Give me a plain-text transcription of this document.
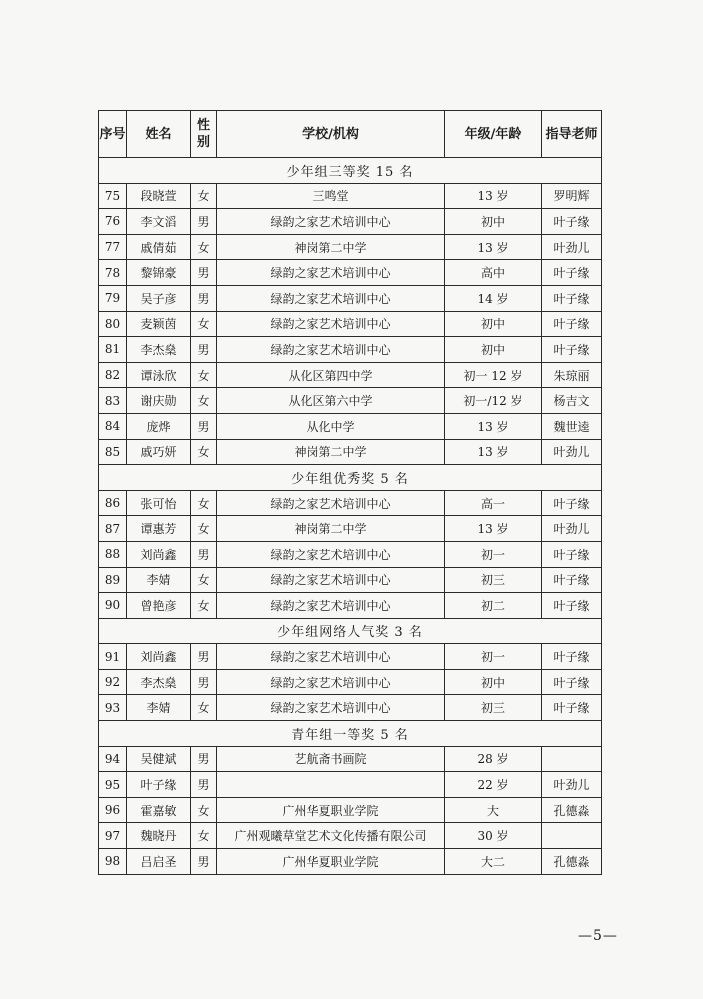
序号	姓名	性别	学校/机构	年级/年龄	指导老师
少年组三等奖 15 名					
75	段晓萱	女	三鸣堂	13 岁	罗明辉
76	李文滔	男	绿韵之家艺术培训中心	初中	叶子缘
77	戚倩茹	女	神岗第二中学	13 岁	叶劲儿
78	黎锦豪	男	绿韵之家艺术培训中心	高中	叶子缘
79	吴子彦	男	绿韵之家艺术培训中心	14 岁	叶子缘
80	麦颖茵	女	绿韵之家艺术培训中心	初中	叶子缘
81	李杰燊	男	绿韵之家艺术培训中心	初中	叶子缘
82	谭泳欣	女	从化区第四中学	初一 12 岁	朱琼丽
83	谢庆勋	女	从化区第六中学	初一/12 岁	杨吉文
84	庞烨	男	从化中学	13 岁	魏世逵
85	戚巧妍	女	神岗第二中学	13 岁	叶劲儿
少年组优秀奖 5 名					
86	张可怡	女	绿韵之家艺术培训中心	高一	叶子缘
87	谭惠芳	女	神岗第二中学	13 岁	叶劲儿
88	刘尚鑫	男	绿韵之家艺术培训中心	初一	叶子缘
89	李婧	女	绿韵之家艺术培训中心	初三	叶子缘
90	曾艳彦	女	绿韵之家艺术培训中心	初二	叶子缘
少年组网络人气奖 3 名					
91	刘尚鑫	男	绿韵之家艺术培训中心	初一	叶子缘
92	李杰燊	男	绿韵之家艺术培训中心	初中	叶子缘
93	李婧	女	绿韵之家艺术培训中心	初三	叶子缘
青年组一等奖 5 名					
94	吴健斌	男	艺航斋书画院	28 岁	
95	叶子缘	男		22 岁	叶劲儿
96	霍嘉敏	女	广州华夏职业学院	大	孔德淼
97	魏晓丹	女	广州观曦草堂艺术文化传播有限公司	30 岁	
98	吕启圣	男	广州华夏职业学院	大二	孔德淼
—5—
